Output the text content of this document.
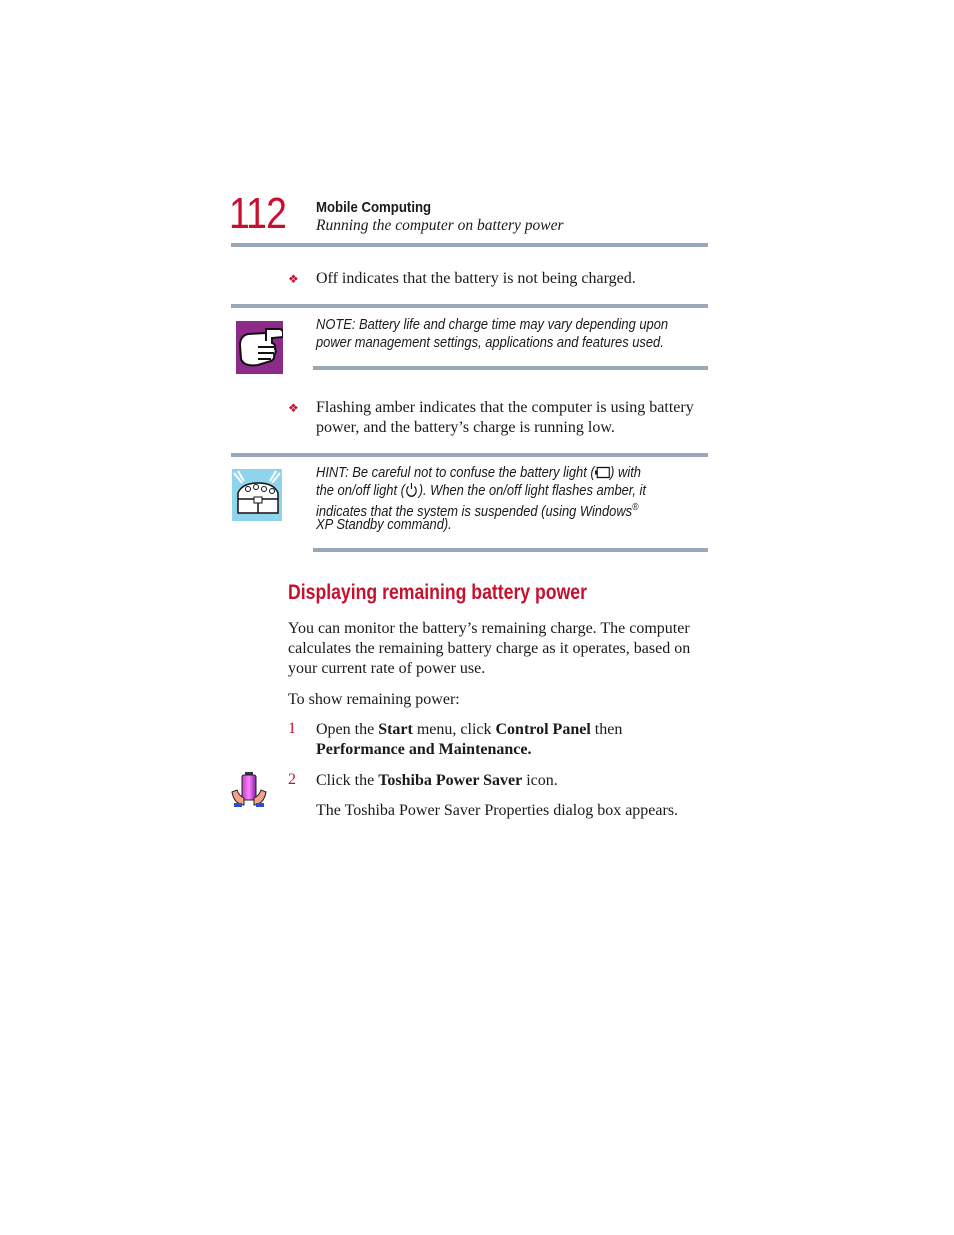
112 Mobile Computing
Running the computer on battery power
❖ Off indicates that the battery is not being charged.
NOTE: Battery life and charge time may vary depending upon
power management settings, applications and features used.
❖ Flashing amber indicates that the computer is using battery
power, and the battery’s charge is running low.
HINT: Be careful not to confuse the battery light ( ) with
the on/off light ( ). When the on/off light flashes amber, it
indicates that the system is suspended (using Windows®
XP Standby command).
Displaying remaining battery power
You can monitor the battery’s remaining charge. The computer
calculates the remaining battery charge as it operates, based on
your current rate of power use.
To show remaining power:
1 Open the Start menu, click Control Panel then
Performance and Maintenance.
2 Click the Toshiba Power Saver icon.
The Toshiba Power Saver Properties dialog box appears.
